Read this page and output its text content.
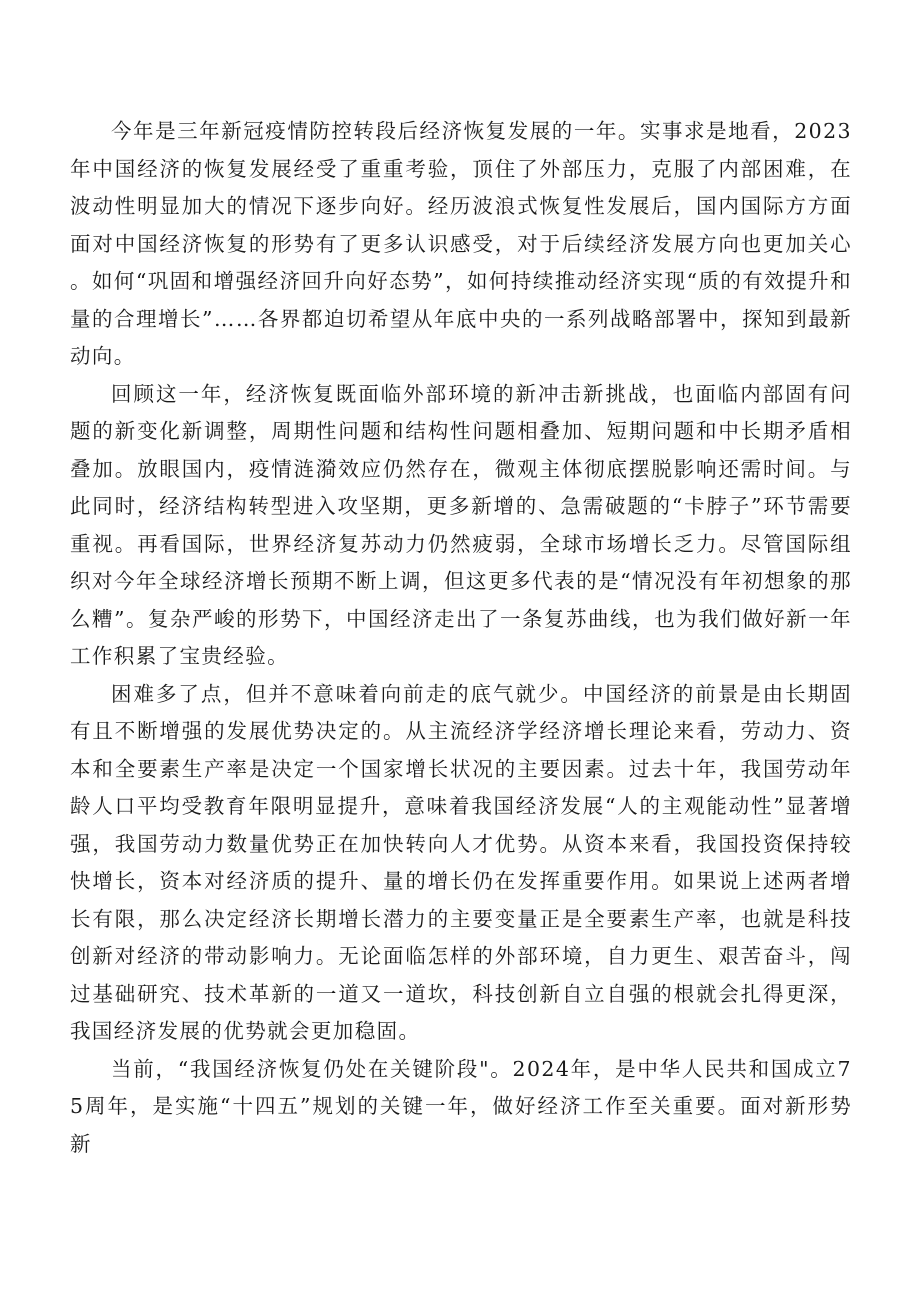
今年是三年新冠疫情防控转段后经济恢复发展的一年。实事求是地看，2023年中国经济的恢复发展经受了重重考验，顶住了外部压力，克服了内部困难，在波动性明显加大的情况下逐步向好。经历波浪式恢复性发展后，国内国际方方面面对中国经济恢复的形势有了更多认识感受，对于后续经济发展方向也更加关心。如何“巩固和增强经济回升向好态势”，如何持续推动经济实现“质的有效提升和量的合理增长”……各界都迫切希望从年底中央的一系列战略部署中，探知到最新动向。

回顾这一年，经济恢复既面临外部环境的新冲击新挑战，也面临内部固有问题的新变化新调整，周期性问题和结构性问题相叠加、短期问题和中长期矛盾相叠加。放眼国内，疫情涟漪效应仍然存在，微观主体彻底摆脱影响还需时间。与此同时，经济结构转型进入攻坚期，更多新增的、急需破题的“卡脖子”环节需要重视。再看国际，世界经济复苏动力仍然疲弱，全球市场增长乏力。尽管国际组织对今年全球经济增长预期不断上调，但这更多代表的是“情况没有年初想象的那么糟”。复杂严峻的形势下，中国经济走出了一条复苏曲线，也为我们做好新一年工作积累了宝贵经验。

困难多了点，但并不意味着向前走的底气就少。中国经济的前景是由长期固有且不断增强的发展优势决定的。从主流经济学经济增长理论来看，劳动力、资本和全要素生产率是决定一个国家增长状况的主要因素。过去十年，我国劳动年龄人口平均受教育年限明显提升，意味着我国经济发展“人的主观能动性”显著增强，我国劳动力数量优势正在加快转向人才优势。从资本来看，我国投资保持较快增长，资本对经济质的提升、量的增长仍在发挥重要作用。如果说上述两者增长有限，那么决定经济长期增长潜力的主要变量正是全要素生产率，也就是科技创新对经济的带动影响力。无论面临怎样的外部环境，自力更生、艰苦奋斗，闯过基础研究、技术革新的一道又一道坎，科技创新自立自强的根就会扎得更深，我国经济发展的优势就会更加稳固。

当前，“我国经济恢复仍处在关键阶段"。2024年，是中华人民共和国成立75周年，是实施“十四五”规划的关键一年，做好经济工作至关重要。面对新形势新
